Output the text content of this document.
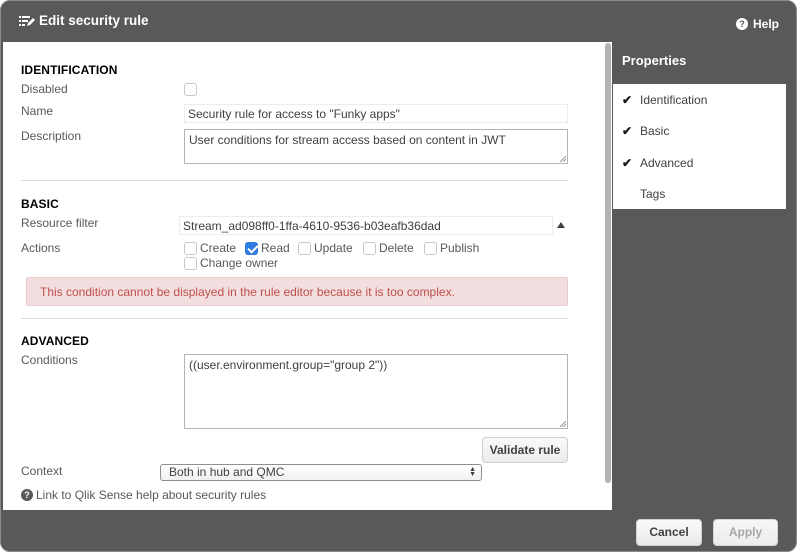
Edit security rule	? Help
IDENTIFICATION
Disabled
Name	Security rule for access to "Funky apps"
Description	User conditions for stream access based on content in JWT
BASIC
Resource filter	Stream_ad098ff0-1ffa-4610-9536-b03eafb36dad
Actions	Create Read Update Delete Publish
Change owner
This condition cannot be displayed in the rule editor because it is too complex.
ADVANCED
Conditions	((user.environment.group="group 2"))
Validate rule
Context	Both in hub and QMC	▲
▼
? Link to Qlik Sense help about security rules
Properties
✔ Identification
✔ Basic
✔ Advanced
Tags
Cancel	Apply
